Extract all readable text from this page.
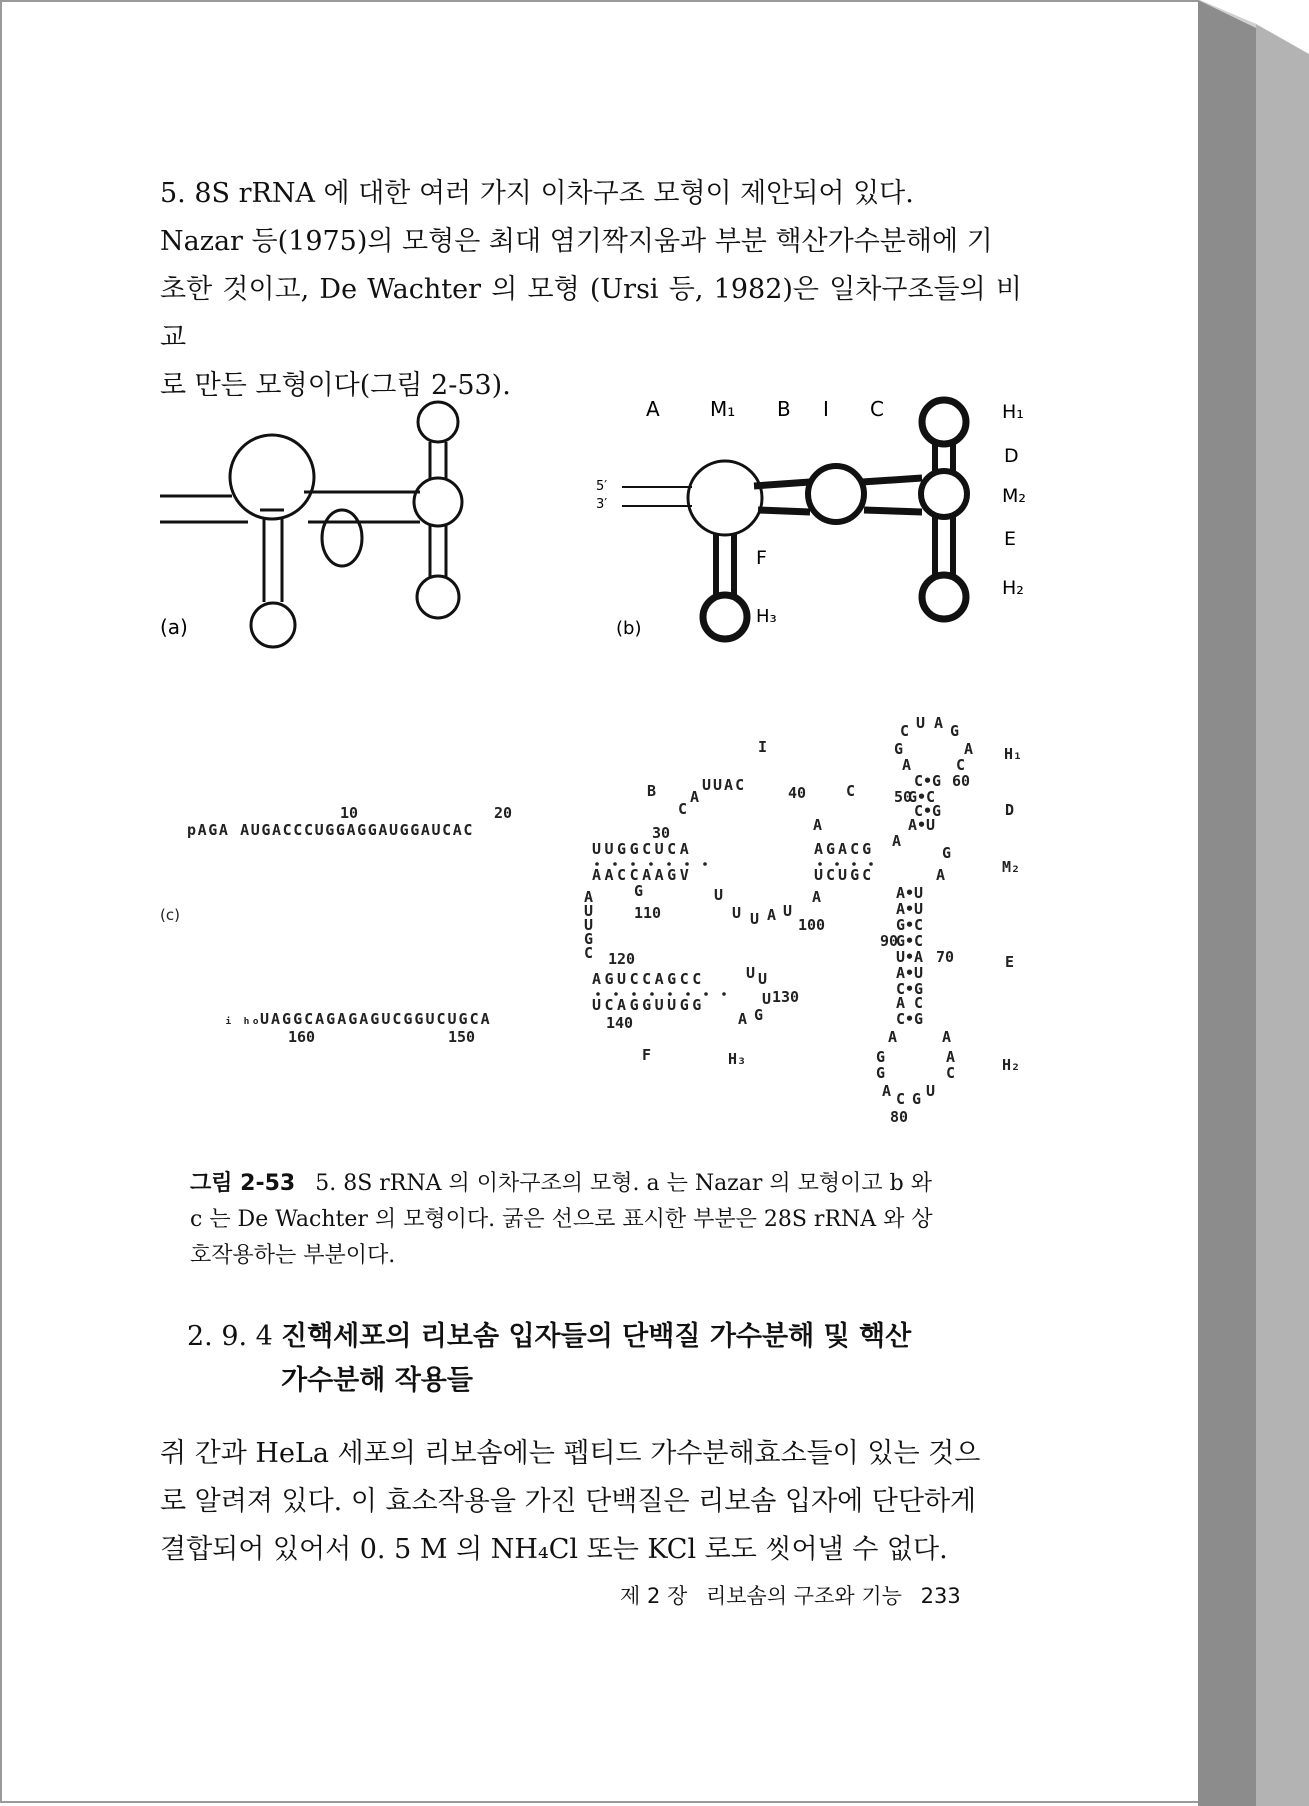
5. 8S rRNA 에 대한 여러 가지 이차구조 모형이 제안되어 있다.
Nazar 등(1975)의 모형은 최대 염기짝지움과 부분 핵산가수분해에 기
초한 것이고, De Wachter 의 모형 (Ursi 등, 1982)은 일차구조들의 비교
로 만든 모형이다(그림 2-53).

(a)
A	M₁ B I C	H₁
D
M₂
E
H₂
F
H₃
5′
3′
(b)
(c)
I
B	C
H₁
D
M₂
E
H₂
F	H₃
pAGA AUGACCCUGGAGGAUGGAUCAC
ᵢ ₕₒ UAGGCAGAGAGUCGGUCUGCA
UUGGCUCA
AACCAAGV
AGUCCAGCC
UCAGGUUGG
AGACG
UCUGC
UUAC
A
C
A
A
A
U
U
G
C
G	U
U U A U
A
U U
U
G
A
C U A G
G	A
A	C
C•G
G•C
C•G
A•U
G
A
A•U
A•U
G•C
G•C
U•A
A•U
C•G
A C
C•G
A	A
G	A
G	C
A C G U
10	20
30
40	50
60
70
80
90
100
110
120
130
140
150
160
그림 2-53 5. 8S rRNA 의 이차구조의 모형. a 는 Nazar 의 모형이고 b 와
c 는 De Wachter 의 모형이다. 굵은 선으로 표시한 부분은 28S rRNA 와 상
호작용하는 부분이다.
2. 9. 4 진핵세포의 리보솜 입자들의 단백질 가수분해 및 핵산
가수분해 작용들

쥐 간과 HeLa 세포의 리보솜에는 펩티드 가수분해효소들이 있는 것으
로 알려져 있다. 이 효소작용을 가진 단백질은 리보솜 입자에 단단하게
결합되어 있어서 0. 5 M 의 NH₄Cl 또는 KCl 로도 씻어낼 수 없다.

제 2 장 리보솜의 구조와 기능 233
